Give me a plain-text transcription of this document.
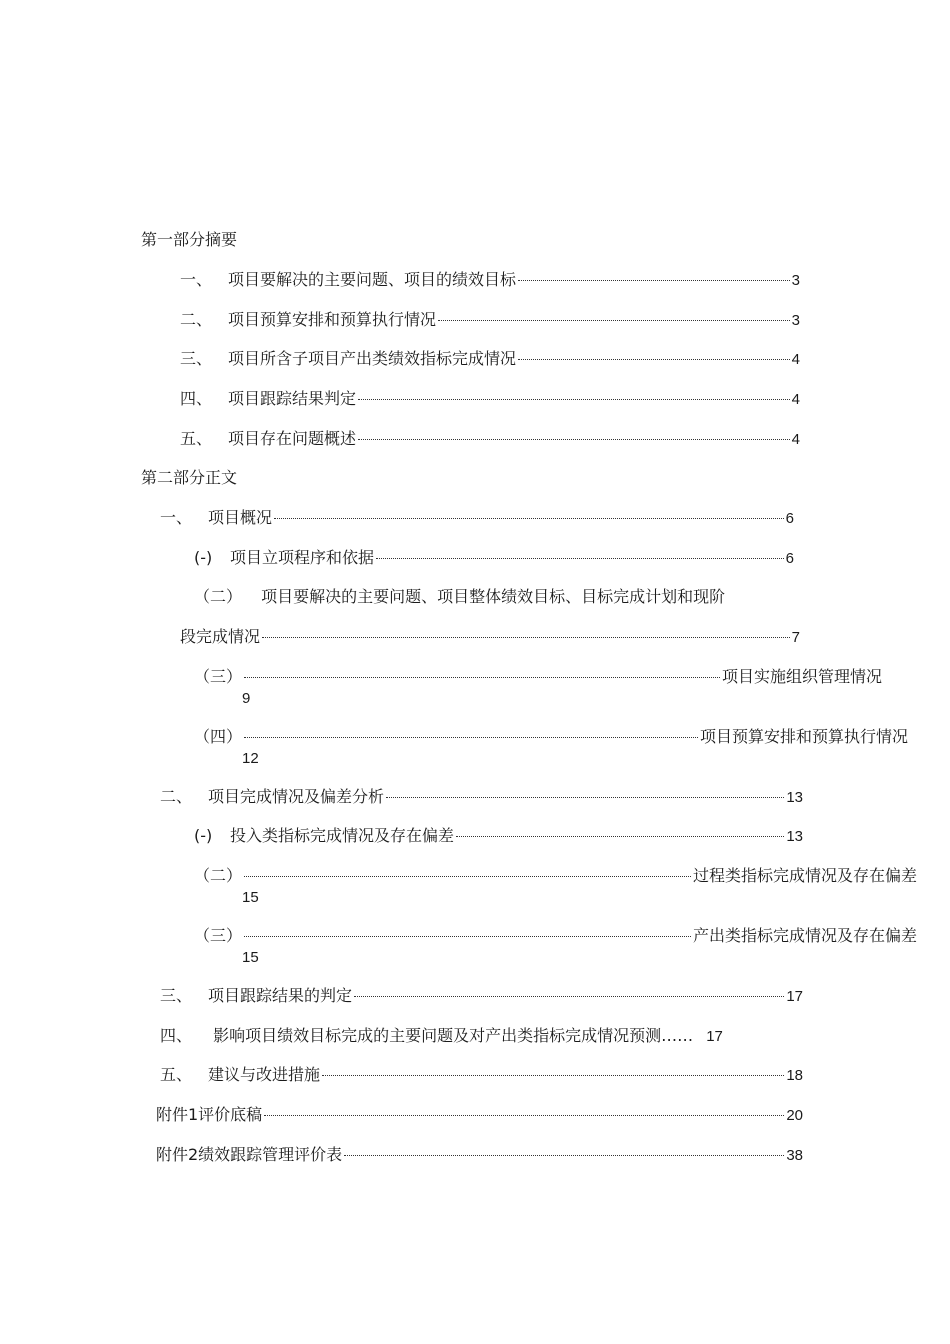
第一部分摘要
一、 项目要解决的主要问题、项目的绩效目标	3
二、 项目预算安排和预算执行情况	3
三、 项目所含子项目产出类绩效指标完成情况	4
四、 项目跟踪结果判定	4
五、 项目存在问题概述	4
第二部分正文
一、 项目概况	6
(-)	项目立项程序和依据	6
（二） 项目要解决的主要问题、项目整体绩效目标、目标完成计划和现阶
段完成情况	7
（三）	项目实施组织管理情况
9
（四）	项目预算安排和预算执行情况
12
二、 项目完成情况及偏差分析	13
(-)	投入类指标完成情况及存在偏差	13
（二）	过程类指标完成情况及存在偏差
15
（三）	产出类指标完成情况及存在偏差
15
三、 项目跟踪结果的判定	17
四、 影响项目绩效目标完成的主要问题及对产出类指标完成情况预测…… 17
五、 建议与改进措施	18
附件1评价底稿	20
附件2绩效跟踪管理评价表	38
